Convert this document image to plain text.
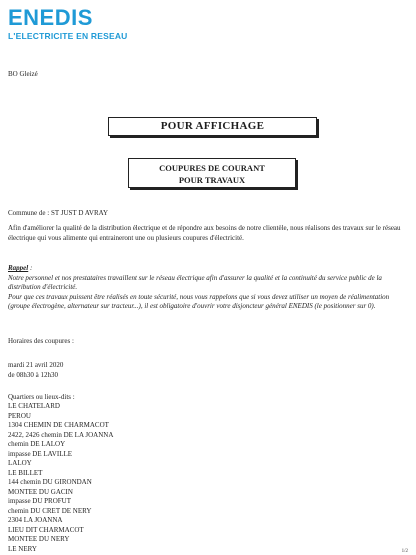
ENEDIS
L'ELECTRICITE EN RESEAU
BO Gleizé
POUR AFFICHAGE
COUPURES DE COURANT
POUR TRAVAUX
Commune de : ST JUST D AVRAY
Afin d'améliorer la qualité de la distribution électrique et de répondre aux besoins de notre clientèle, nous réalisons des travaux sur le réseau électrique qui vous alimente qui entraineront une ou plusieurs coupures d'électricité.
Rappel :
Notre personnel et nos prestataires travaillent sur le réseau électrique afin d'assurer la qualité et la continuité du service public de la distribution d'électricité.
Pour que ces travaux puissent être réalisés en toute sécurité, nous vous rappelons que si vous devez utiliser un moyen de réalimentation (groupe électrogène, alternateur sur tracteur...), il est obligatoire d'ouvrir votre disjoncteur général ENEDIS (le positionner sur 0).
Horaires des coupures :
mardi 21 avril 2020
de 08h30 à 12h30
Quartiers ou lieux-dits :
LE CHATELARD
PEROU
1304 CHEMIN DE CHARMACOT
2422, 2426 chemin DE LA JOANNA
chemin DE LALOY
impasse DE LAVILLE
LALOY
LE BILLET
144 chemin DU GIRONDAN
MONTEE DU GACIN
impasse DU PROFUT
chemin DU CRET DE NERY
2304 LA JOANNA
LIEU DIT CHARMACOT
MONTEE DU NERY
LE NERY	1/2
